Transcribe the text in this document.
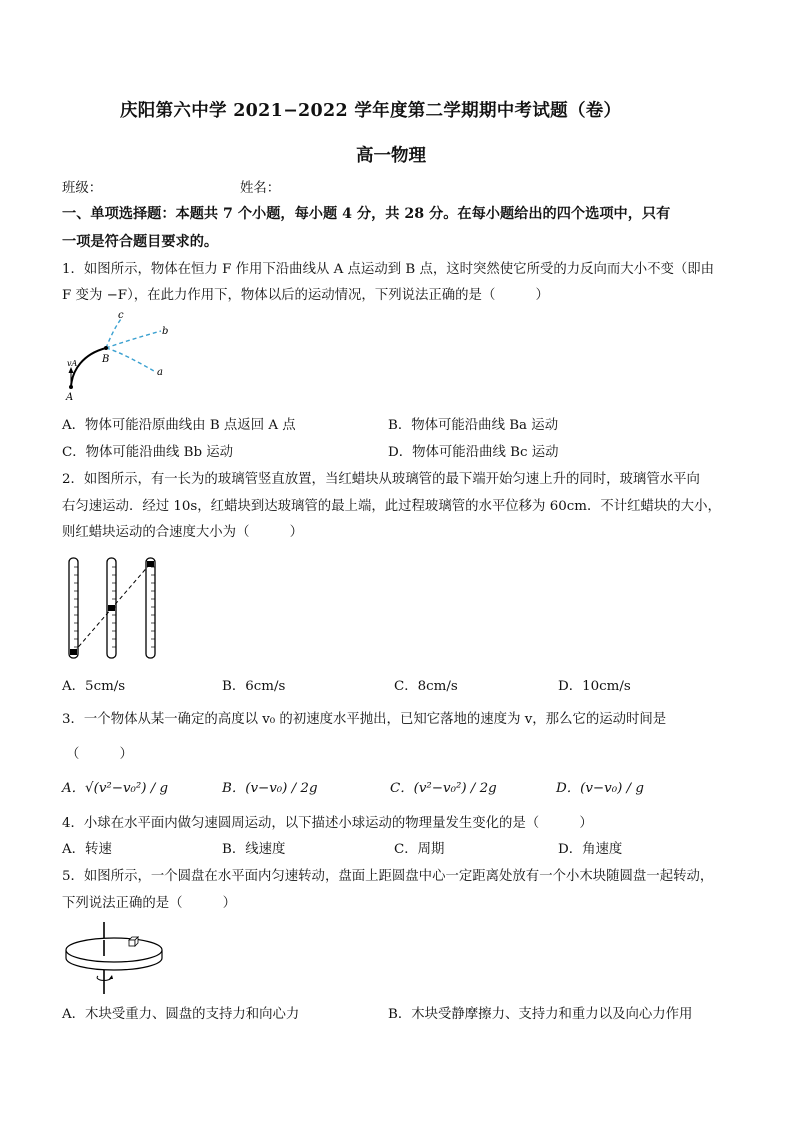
庆阳第六中学 2021−2022 学年度第二学期期中考试题（卷）
高一物理
班级：	姓名：
一、单项选择题：本题共 7 个小题，每小题 4 分，共 28 分。在每小题给出的四个选项中，只有
一项是符合题目要求的。
1．如图所示，物体在恒力 F 作用下沿曲线从 A 点运动到 B 点，这时突然使它所受的力反向而大小不变（即由
F 变为 −F），在此力作用下，物体以后的运动情况，下列说法正确的是（　　　）
c
b
a
B
A
vA
A．物体可能沿原曲线由 B 点返回 A 点	B．物体可能沿曲线 Ba 运动
C．物体可能沿曲线 Bb 运动	D．物体可能沿曲线 Bc 运动
2．如图所示，有一长为的玻璃管竖直放置，当红蜡块从玻璃管的最下端开始匀速上升的同时，玻璃管水平向
右匀速运动．经过 10s，红蜡块到达玻璃管的最上端，此过程玻璃管的水平位移为 60cm．不计红蜡块的大小，
则红蜡块运动的合速度大小为（　　　）
A．5cm/s	B．6cm/s	C．8cm/s	D．10cm/s
3．一个物体从某一确定的高度以 v₀ 的初速度水平抛出，已知它落地的速度为 v，那么它的运动时间是
（　　　）
A．√(v²−v₀²) / g	B．(v−v₀) / 2g	C．(v²−v₀²) / 2g	D．(v−v₀) / g
4．小球在水平面内做匀速圆周运动，以下描述小球运动的物理量发生变化的是（　　　）
A．转速	B．线速度	C．周期	D．角速度
5．如图所示，一个圆盘在水平面内匀速转动，盘面上距圆盘中心一定距离处放有一个小木块随圆盘一起转动，
下列说法正确的是（　　　）
A．木块受重力、圆盘的支持力和向心力	B．木块受静摩擦力、支持力和重力以及向心力作用
